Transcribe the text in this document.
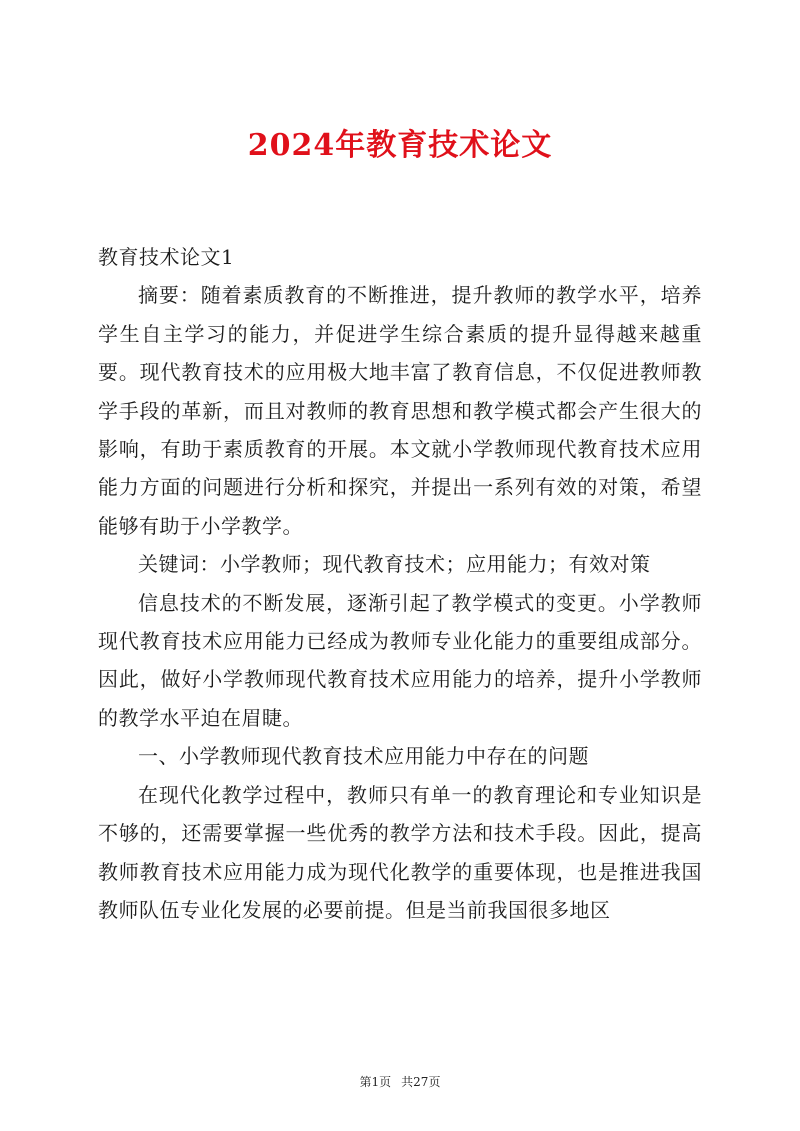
2024年教育技术论文

教育技术论文1

摘要：随着素质教育的不断推进，提升教师的教学水平，培养学生自主学习的能力，并促进学生综合素质的提升显得越来越重要。现代教育技术的应用极大地丰富了教育信息，不仅促进教师教学手段的革新，而且对教师的教育思想和教学模式都会产生很大的影响，有助于素质教育的开展。本文就小学教师现代教育技术应用能力方面的问题进行分析和探究，并提出一系列有效的对策，希望能够有助于小学教学。

关键词：小学教师；现代教育技术；应用能力；有效对策

信息技术的不断发展，逐渐引起了教学模式的变更。小学教师现代教育技术应用能力已经成为教师专业化能力的重要组成部分。因此，做好小学教师现代教育技术应用能力的培养，提升小学教师的教学水平迫在眉睫。

一、小学教师现代教育技术应用能力中存在的问题

在现代化教学过程中，教师只有单一的教育理论和专业知识是不够的，还需要掌握一些优秀的教学方法和技术手段。因此，提高教师教育技术应用能力成为现代化教学的重要体现，也是推进我国教师队伍专业化发展的必要前提。但是当前我国很多地区

第1页 共27页
